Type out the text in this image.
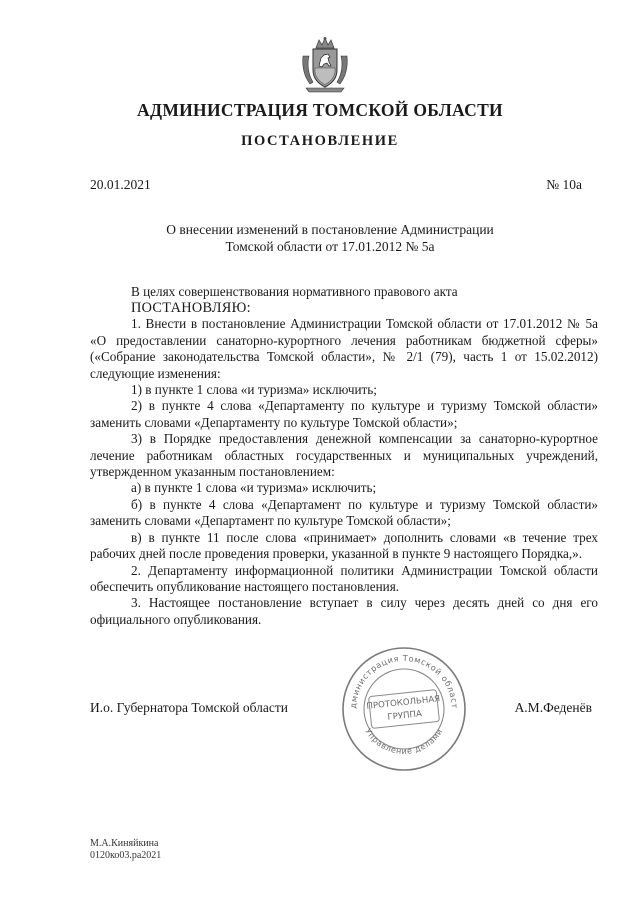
АДМИНИСТРАЦИЯ ТОМСКОЙ ОБЛАСТИ
ПОСТАНОВЛЕНИЕ
20.01.2021	№ 10а
О внесении изменений в постановление Администрации
Томской области от 17.01.2012 № 5а

В целях совершенствования нормативного правового акта

ПОСТАНОВЛЯЮ:

1. Внести в постановление Администрации Томской области от 17.01.2012 № 5а «О предоставлении санаторно-курортного лечения работникам бюджетной сферы» («Собрание законодательства Томской области», № 2/1 (79), часть 1 от 15.02.2012) следующие изменения:

1) в пункте 1 слова «и туризма» исключить;

2) в пункте 4 слова «Департаменту по культуре и туризму Томской области» заменить словами «Департаменту по культуре Томской области»;

3) в Порядке предоставления денежной компенсации за санаторно-курортное лечение работникам областных государственных и муниципальных учреждений, утвержденном указанным постановлением:

а) в пункте 1 слова «и туризма» исключить;

б) в пункте 4 слова «Департамент по культуре и туризму Томской области» заменить словами «Департамент по культуре Томской области»;

в) в пункте 11 после слова «принимает» дополнить словами «в течение трех рабочих дней после проведения проверки, указанной в пункте 9 настоящего Порядка,».

2. Департаменту информационной политики Администрации Томской области обеспечить опубликование настоящего постановления.

3. Настоящее постановление вступает в силу через десять дней со дня его официального опубликования.

дминистрация Томской област
Управление делами
ПРОТОКОЛЬНАЯ
ГРУППА
И.о. Губернатора Томской области	А.М.Феденёв
М.А.Киняйкина
0120ко03.ра2021
